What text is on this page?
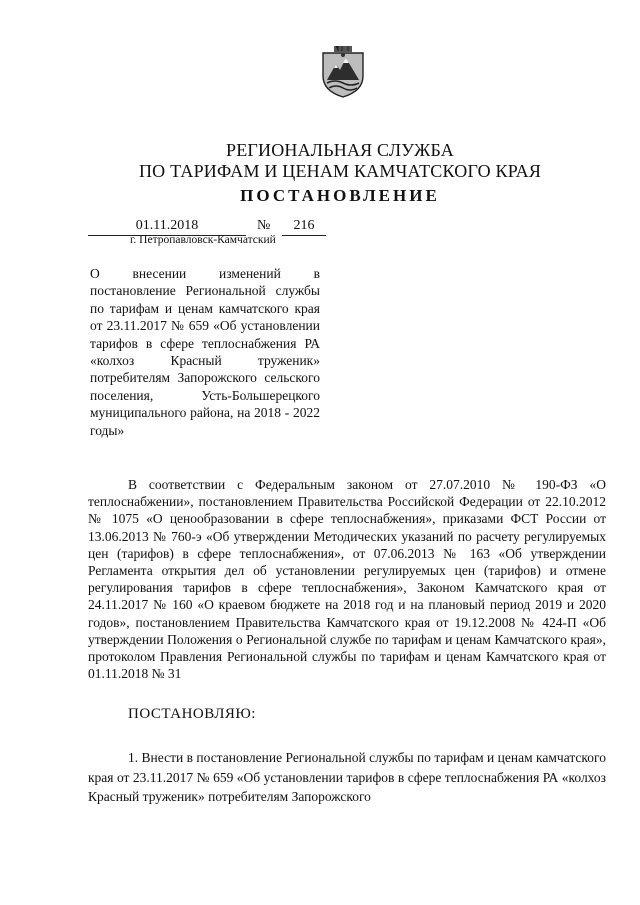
РЕГИОНАЛЬНАЯ СЛУЖБА
ПО ТАРИФАМ И ЦЕНАМ КАМЧАТСКОГО КРАЯ
ПОСТАНОВЛЕНИЕ
01.11.2018	№	216
г. Петропавловск-Камчатский
О внесении изменений в постановление Региональной службы по тарифам и ценам камчатского края от 23.11.2017 № 659 «Об установлении тарифов в сфере теплоснабжения РА «колхоз Красный труженик» потребителям Запорожского сельского поселения, Усть-Большерецкого муниципального района, на 2018 - 2022 годы»
В соответствии с Федеральным законом от 27.07.2010 № 190-ФЗ «О теплоснабжении», постановлением Правительства Российской Федерации от 22.10.2012 № 1075 «О ценообразовании в сфере теплоснабжения», приказами ФСТ России от 13.06.2013 № 760-э «Об утверждении Методических указаний по расчету регулируемых цен (тарифов) в сфере теплоснабжения», от 07.06.2013 № 163 «Об утверждении Регламента открытия дел об установлении регулируемых цен (тарифов) и отмене регулирования тарифов в сфере теплоснабжения», Законом Камчатского края от 24.11.2017 № 160 «О краевом бюджете на 2018 год и на плановый период 2019 и 2020 годов», постановлением Правительства Камчатского края от 19.12.2008 № 424-П «Об утверждении Положения о Региональной службе по тарифам и ценам Камчатского края», протоколом Правления Региональной службы по тарифам и ценам Камчатского края от 01.11.2018 № 31
ПОСТАНОВЛЯЮ:
1. Внести в постановление Региональной службы по тарифам и ценам камчатского края от 23.11.2017 № 659 «Об установлении тарифов в сфере теплоснабжения РА «колхоз Красный труженик» потребителям Запорожского
